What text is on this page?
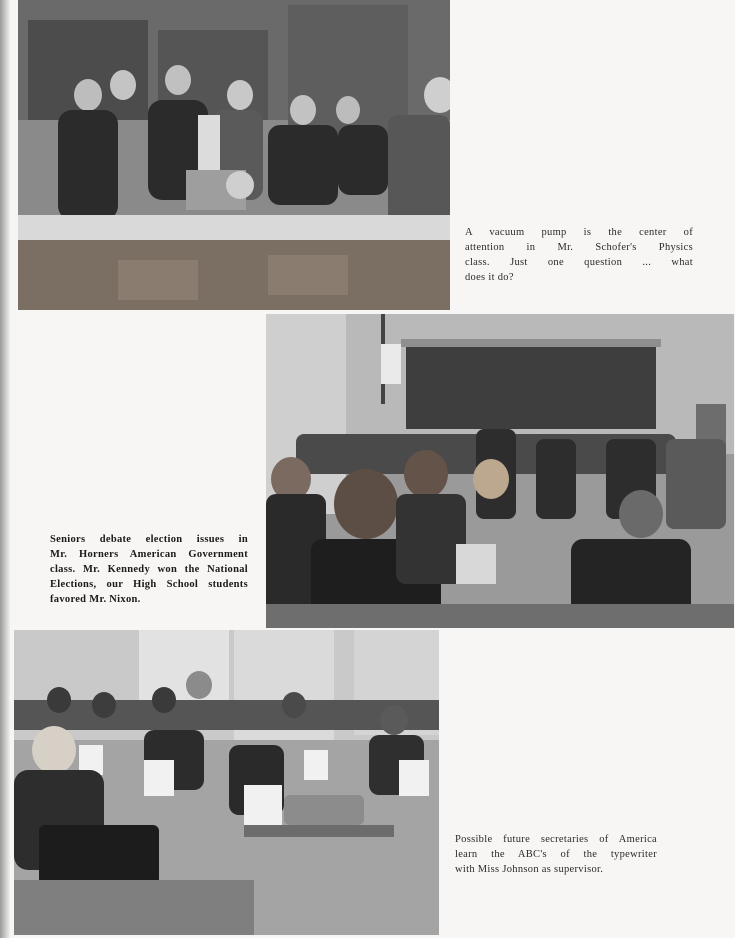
A vacuum pump is the center of
attention in Mr. Schofer's Physics
class. Just one question ... what
does it do?
Seniors debate election issues in
Mr. Horners American Government
class. Mr. Kennedy won the National
Elections, our High School students
favored Mr. Nixon.
Possible future secretaries of America
learn the ABC's of the typewriter
with Miss Johnson as supervisor.
